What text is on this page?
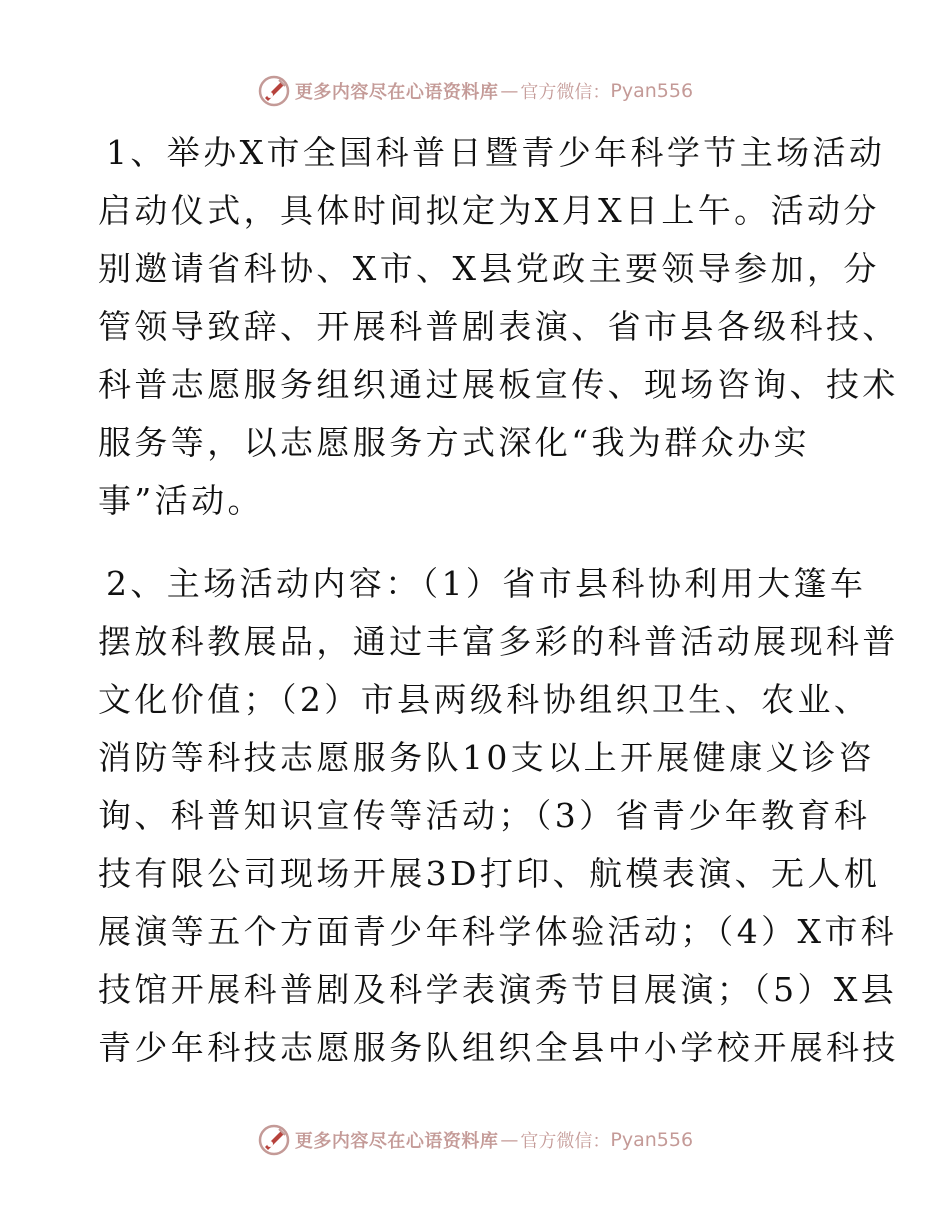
更多内容尽在心语资料库 — 官方微信： Pyan556
1、举办X市全国科普日暨青少年科学节主场活动
启动仪式，具体时间拟定为X月X日上午。活动分
别邀请省科协、X市、X县党政主要领导参加，分
管领导致辞、开展科普剧表演、省市县各级科技、
科普志愿服务组织通过展板宣传、现场咨询、技术
服务等，以志愿服务方式深化“我为群众办实
事”活动。
2、主场活动内容：（1）省市县科协利用大篷车
摆放科教展品，通过丰富多彩的科普活动展现科普
文化价值；（2）市县两级科协组织卫生、农业、
消防等科技志愿服务队10支以上开展健康义诊咨
询、科普知识宣传等活动；（3）省青少年教育科
技有限公司现场开展3D打印、航模表演、无人机
展演等五个方面青少年科学体验活动；（4）X市科
技馆开展科普剧及科学表演秀节目展演；（5）X县
青少年科技志愿服务队组织全县中小学校开展科技
更多内容尽在心语资料库 — 官方微信： Pyan556
